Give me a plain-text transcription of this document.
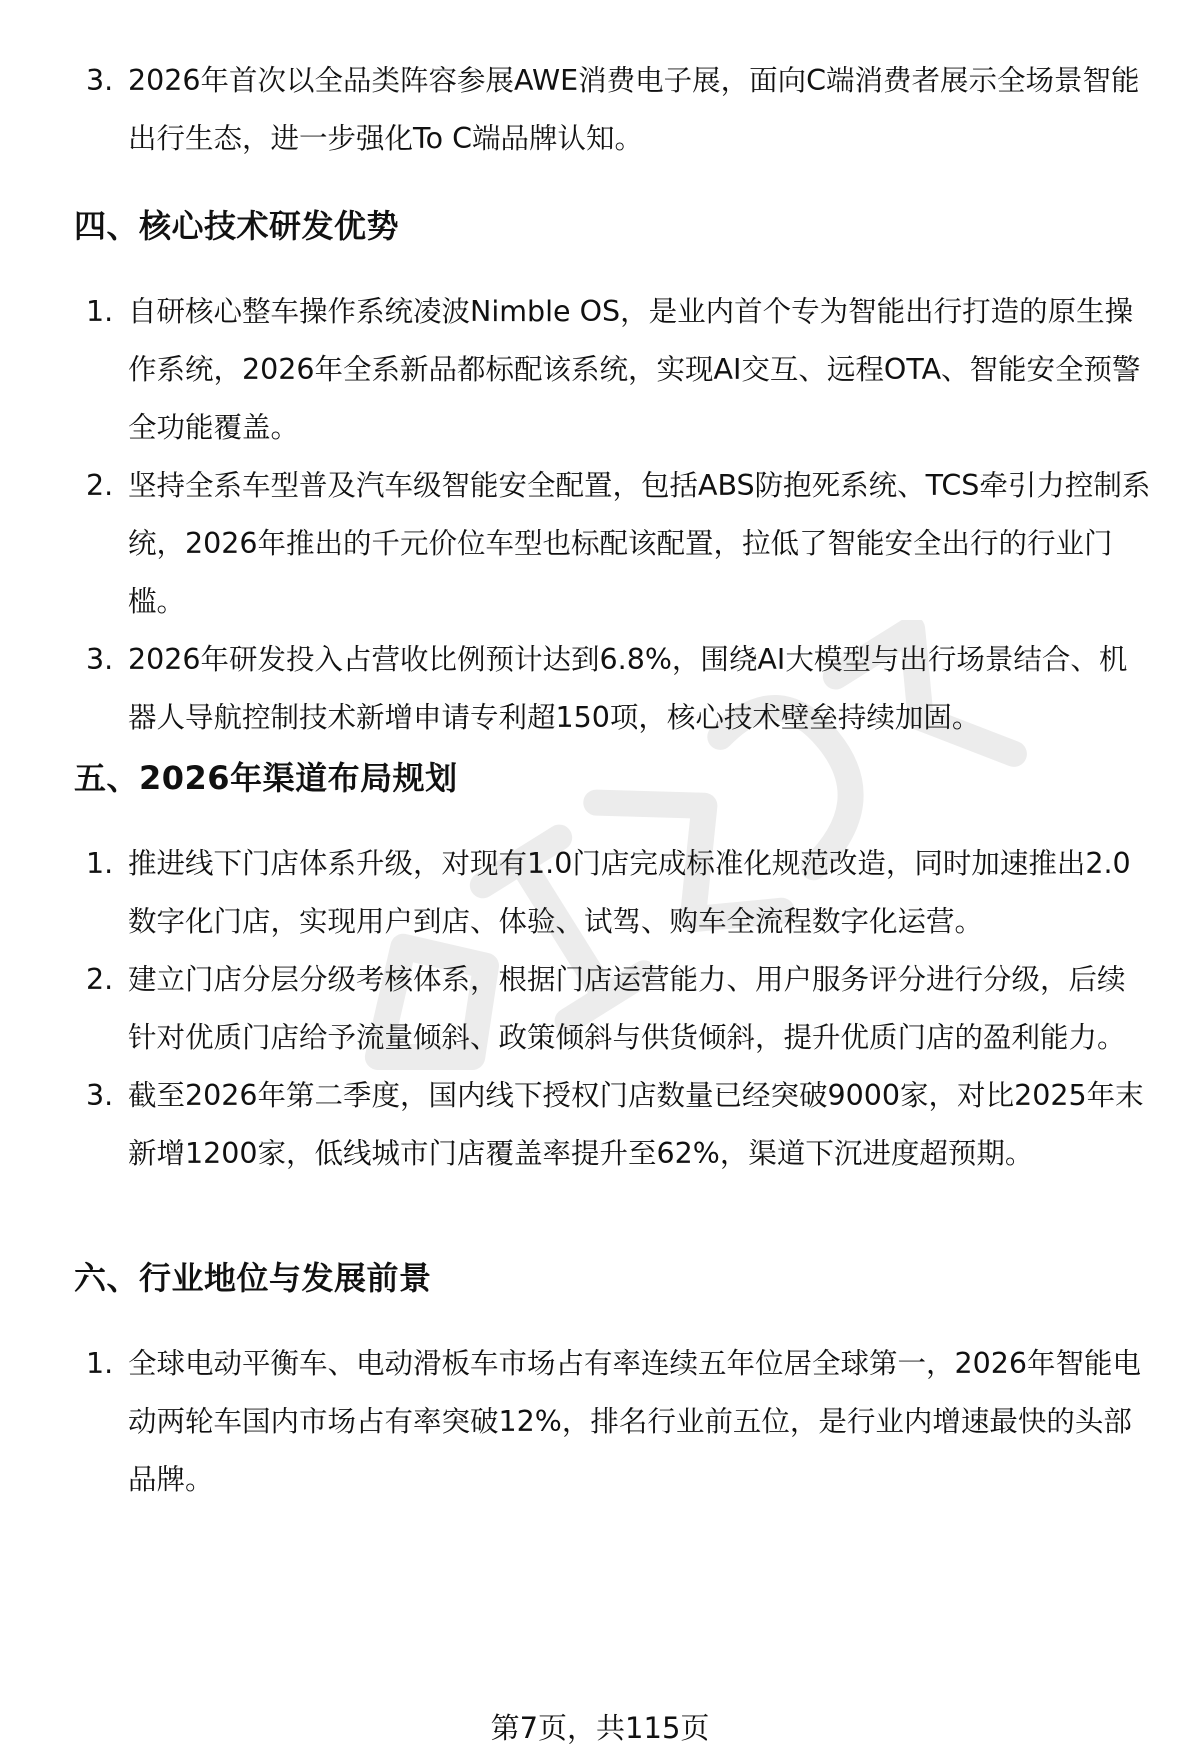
3. 2026年首次以全品类阵容参展AWE消费电子展，面向C端消费者展示全场景智能出行生态，进一步强化To C端品牌认知。
四、核心技术研发优势
1. 自研核心整车操作系统凌波Nimble OS，是业内首个专为智能出行打造的原生操作系统，2026年全系新品都标配该系统，实现AI交互、远程OTA、智能安全预警全功能覆盖。
2. 坚持全系车型普及汽车级智能安全配置，包括ABS防抱死系统、TCS牵引力控制系统，2026年推出的千元价位车型也标配该配置，拉低了智能安全出行的行业门槛。
3. 2026年研发投入占营收比例预计达到6.8%，围绕AI大模型与出行场景结合、机器人导航控制技术新增申请专利超150项，核心技术壁垒持续加固。
五、2026年渠道布局规划
1. 推进线下门店体系升级，对现有1.0门店完成标准化规范改造，同时加速推出2.0数字化门店，实现用户到店、体验、试驾、购车全流程数字化运营。
2. 建立门店分层分级考核体系，根据门店运营能力、用户服务评分进行分级，后续针对优质门店给予流量倾斜、政策倾斜与供货倾斜，提升优质门店的盈利能力。
3. 截至2026年第二季度，国内线下授权门店数量已经突破9000家，对比2025年末新增1200家，低线城市门店覆盖率提升至62%，渠道下沉进度超预期。
六、行业地位与发展前景
1. 全球电动平衡车、电动滑板车市场占有率连续五年位居全球第一，2026年智能电动两轮车国内市场占有率突破12%，排名行业前五位，是行业内增速最快的头部品牌。
第7页，共115页
